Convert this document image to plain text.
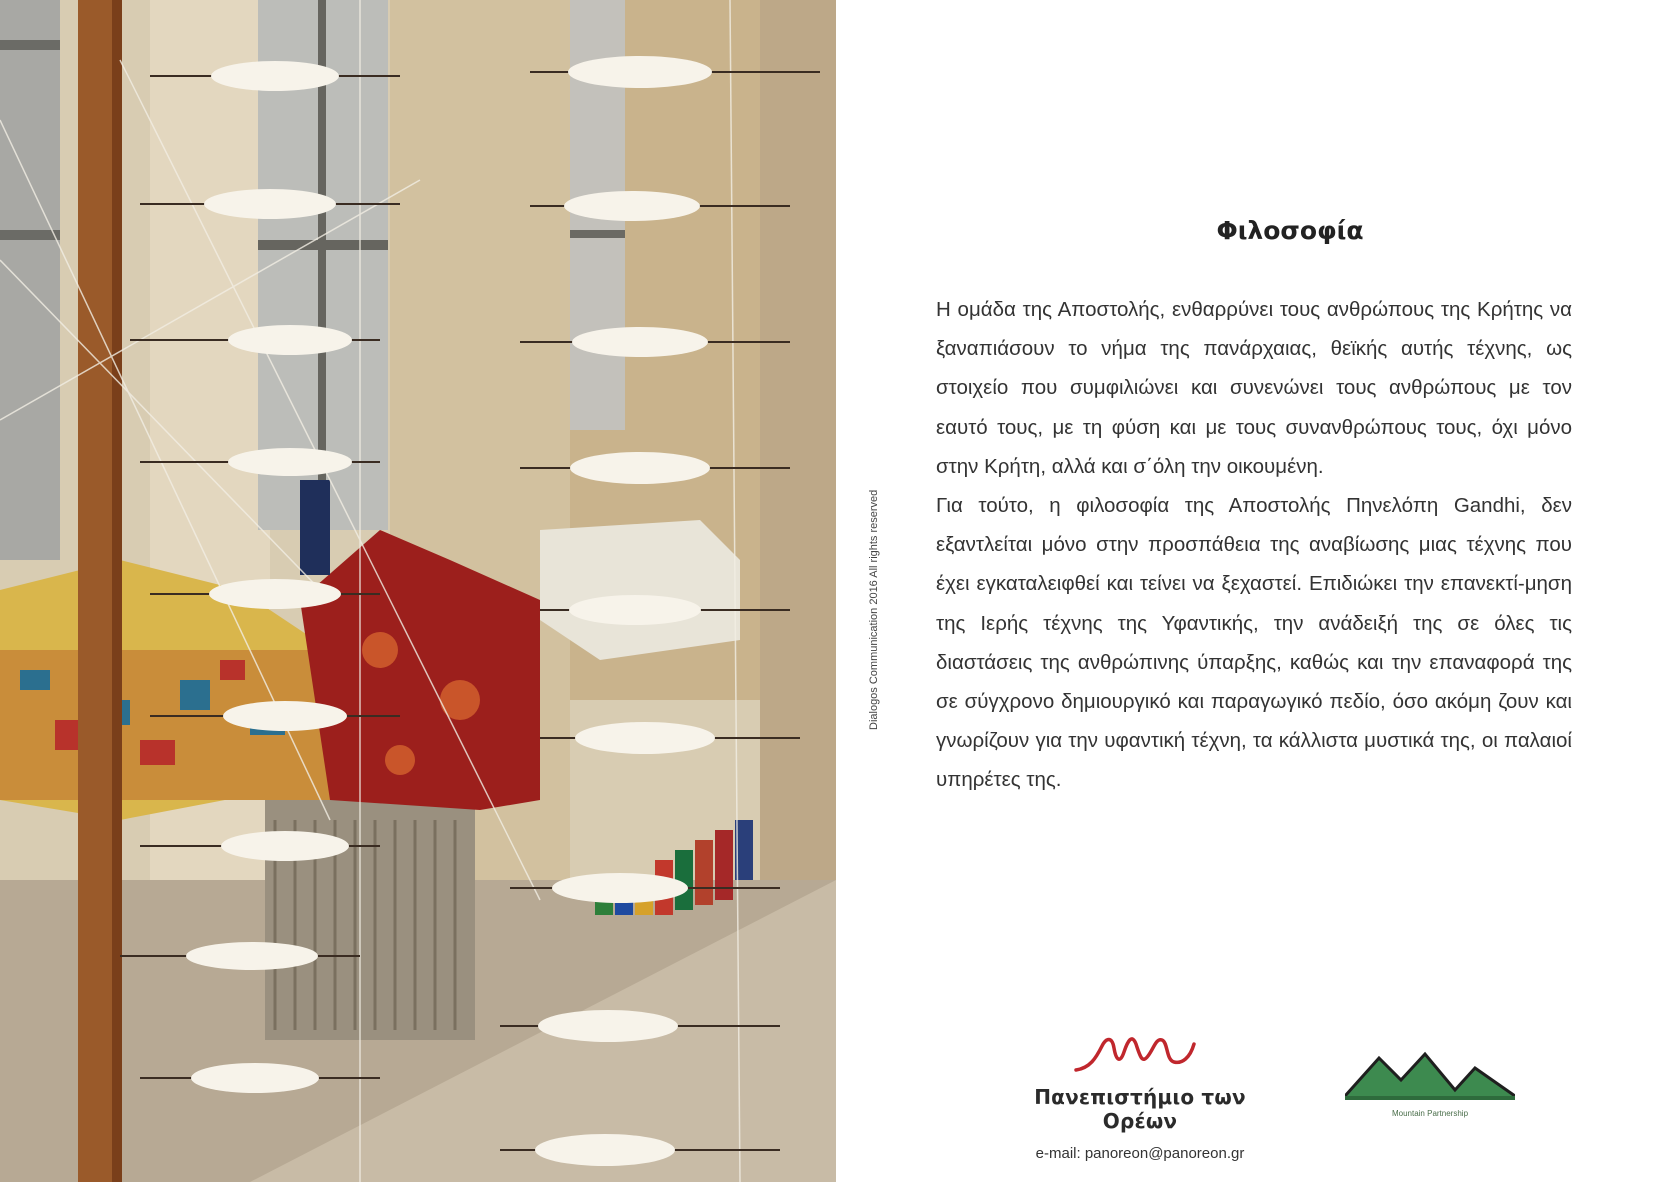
Dialogos Communication 2016 All rights reserved
Φιλοσοφία

Η ομάδα της Αποστολής, ενθαρρύνει τους ανθρώπους της Κρήτης να ξαναπιάσουν το νήμα της πανάρχαιας, θεϊκής αυτής τέχνης, ως στοιχείο που συμφιλιώνει και συνενώνει τους ανθρώπους με τον εαυτό τους, με τη φύση και με τους συνανθρώπους τους, όχι μόνο στην Κρήτη, αλλά και σ΄όλη την οικουμένη.

Για τούτο, η φιλοσοφία της Αποστολής Πηνελόπη Gandhi, δεν εξαντλείται μόνο στην προσπάθεια της αναβίωσης μιας τέχνης που έχει εγκαταλειφθεί και τείνει να ξεχαστεί. Επιδιώκει την επανεκτί-μηση της Ιερής τέχνης της Υφαντικής, την ανάδειξή της σε όλες τις διαστάσεις της ανθρώπινης ύπαρξης, καθώς και την επαναφορά της σε σύγχρονο δημιουργικό και παραγωγικό πεδίο, όσο ακόμη ζουν και γνωρίζουν για την υφαντική τέχνη, τα κάλλιστα μυστικά της, οι παλαιοί υπηρέτες της.

Πανεπιστήμιο των Ορέων
e-mail: panoreon@panoreon.gr
Mountain Partnership
